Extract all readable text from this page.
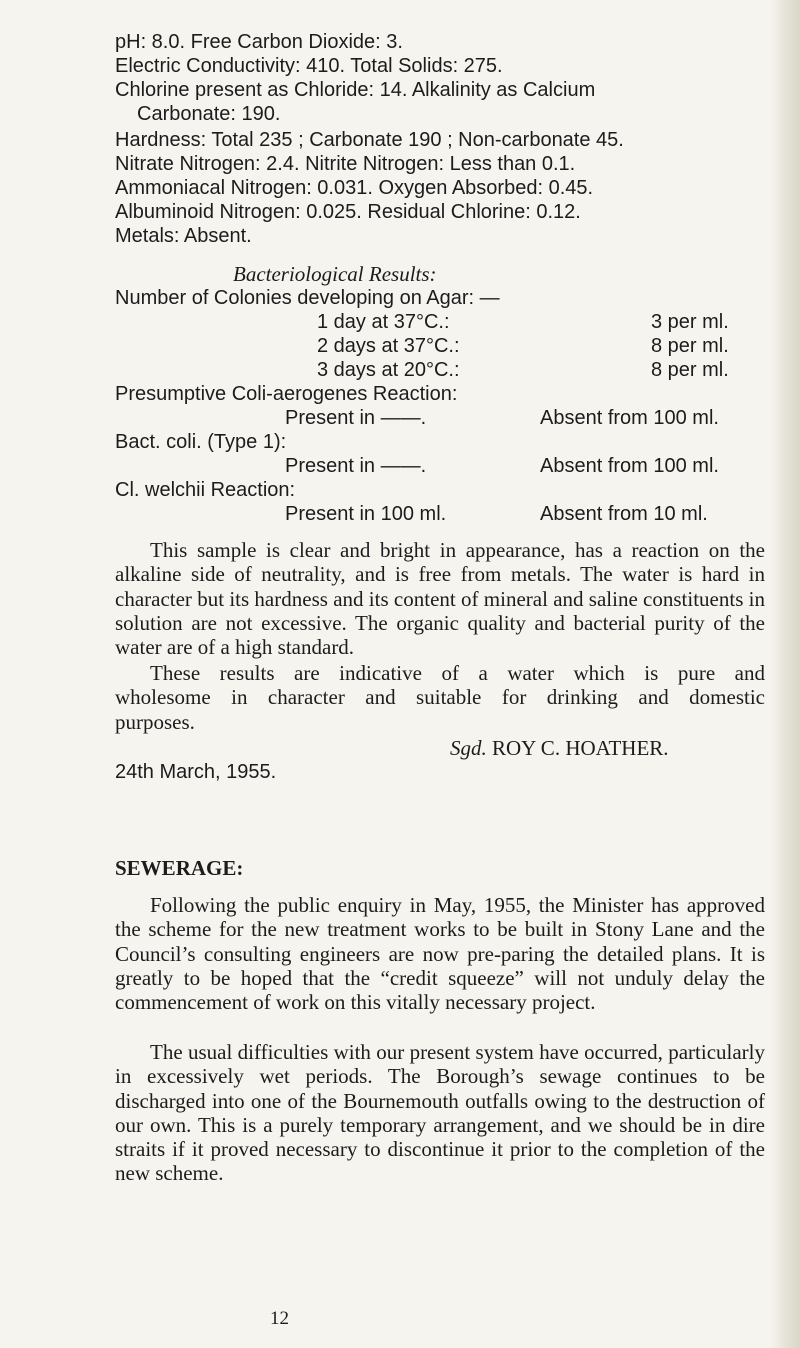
pH: 8.0. Free Carbon Dioxide: 3.
Electric Conductivity: 410. Total Solids: 275.
Chlorine present as Chloride: 14. Alkalinity as Calcium
Carbonate: 190.
Hardness: Total 235 ; Carbonate 190 ; Non-carbonate 45.
Nitrate Nitrogen: 2.4. Nitrite Nitrogen: Less than 0.1.
Ammoniacal Nitrogen: 0.031. Oxygen Absorbed: 0.45.
Albuminoid Nitrogen: 0.025. Residual Chlorine: 0.12.
Metals: Absent.
Bacteriological Results:
Number of Colonies developing on Agar: —
1 day at 37°C.:	3 per ml.
2 days at 37°C.:	8 per ml.
3 days at 20°C.:	8 per ml.
Presumptive Coli-aerogenes Reaction:
Present in ——.	Absent from 100 ml.
Bact. coli. (Type 1):
Present in ——.	Absent from 100 ml.
Cl. welchii Reaction:
Present in 100 ml.	Absent from 10 ml.
This sample is clear and bright in appearance, has a reaction on the alkaline side of neutrality, and is free from metals. The water is hard in character but its hardness and its content of mineral and saline constituents in solution are not excessive. The organic quality and bacterial purity of the water are of a high standard.
These results are indicative of a water which is pure and
wholesome in character and suitable for drinking and domestic
purposes.
Sgd. ROY C. HOATHER.
24th March, 1955.
SEWERAGE:
Following the public enquiry in May, 1955, the Minister has approved the scheme for the new treatment works to be built in Stony Lane and the Council’s consulting engineers are now pre-paring the detailed plans. It is greatly to be hoped that the “credit squeeze” will not unduly delay the commencement of work on this vitally necessary project.
The usual difficulties with our present system have occurred, particularly in excessively wet periods. The Borough’s sewage continues to be discharged into one of the Bournemouth outfalls owing to the destruction of our own. This is a purely temporary arrangement, and we should be in dire straits if it proved necessary to discontinue it prior to the completion of the new scheme.
12
